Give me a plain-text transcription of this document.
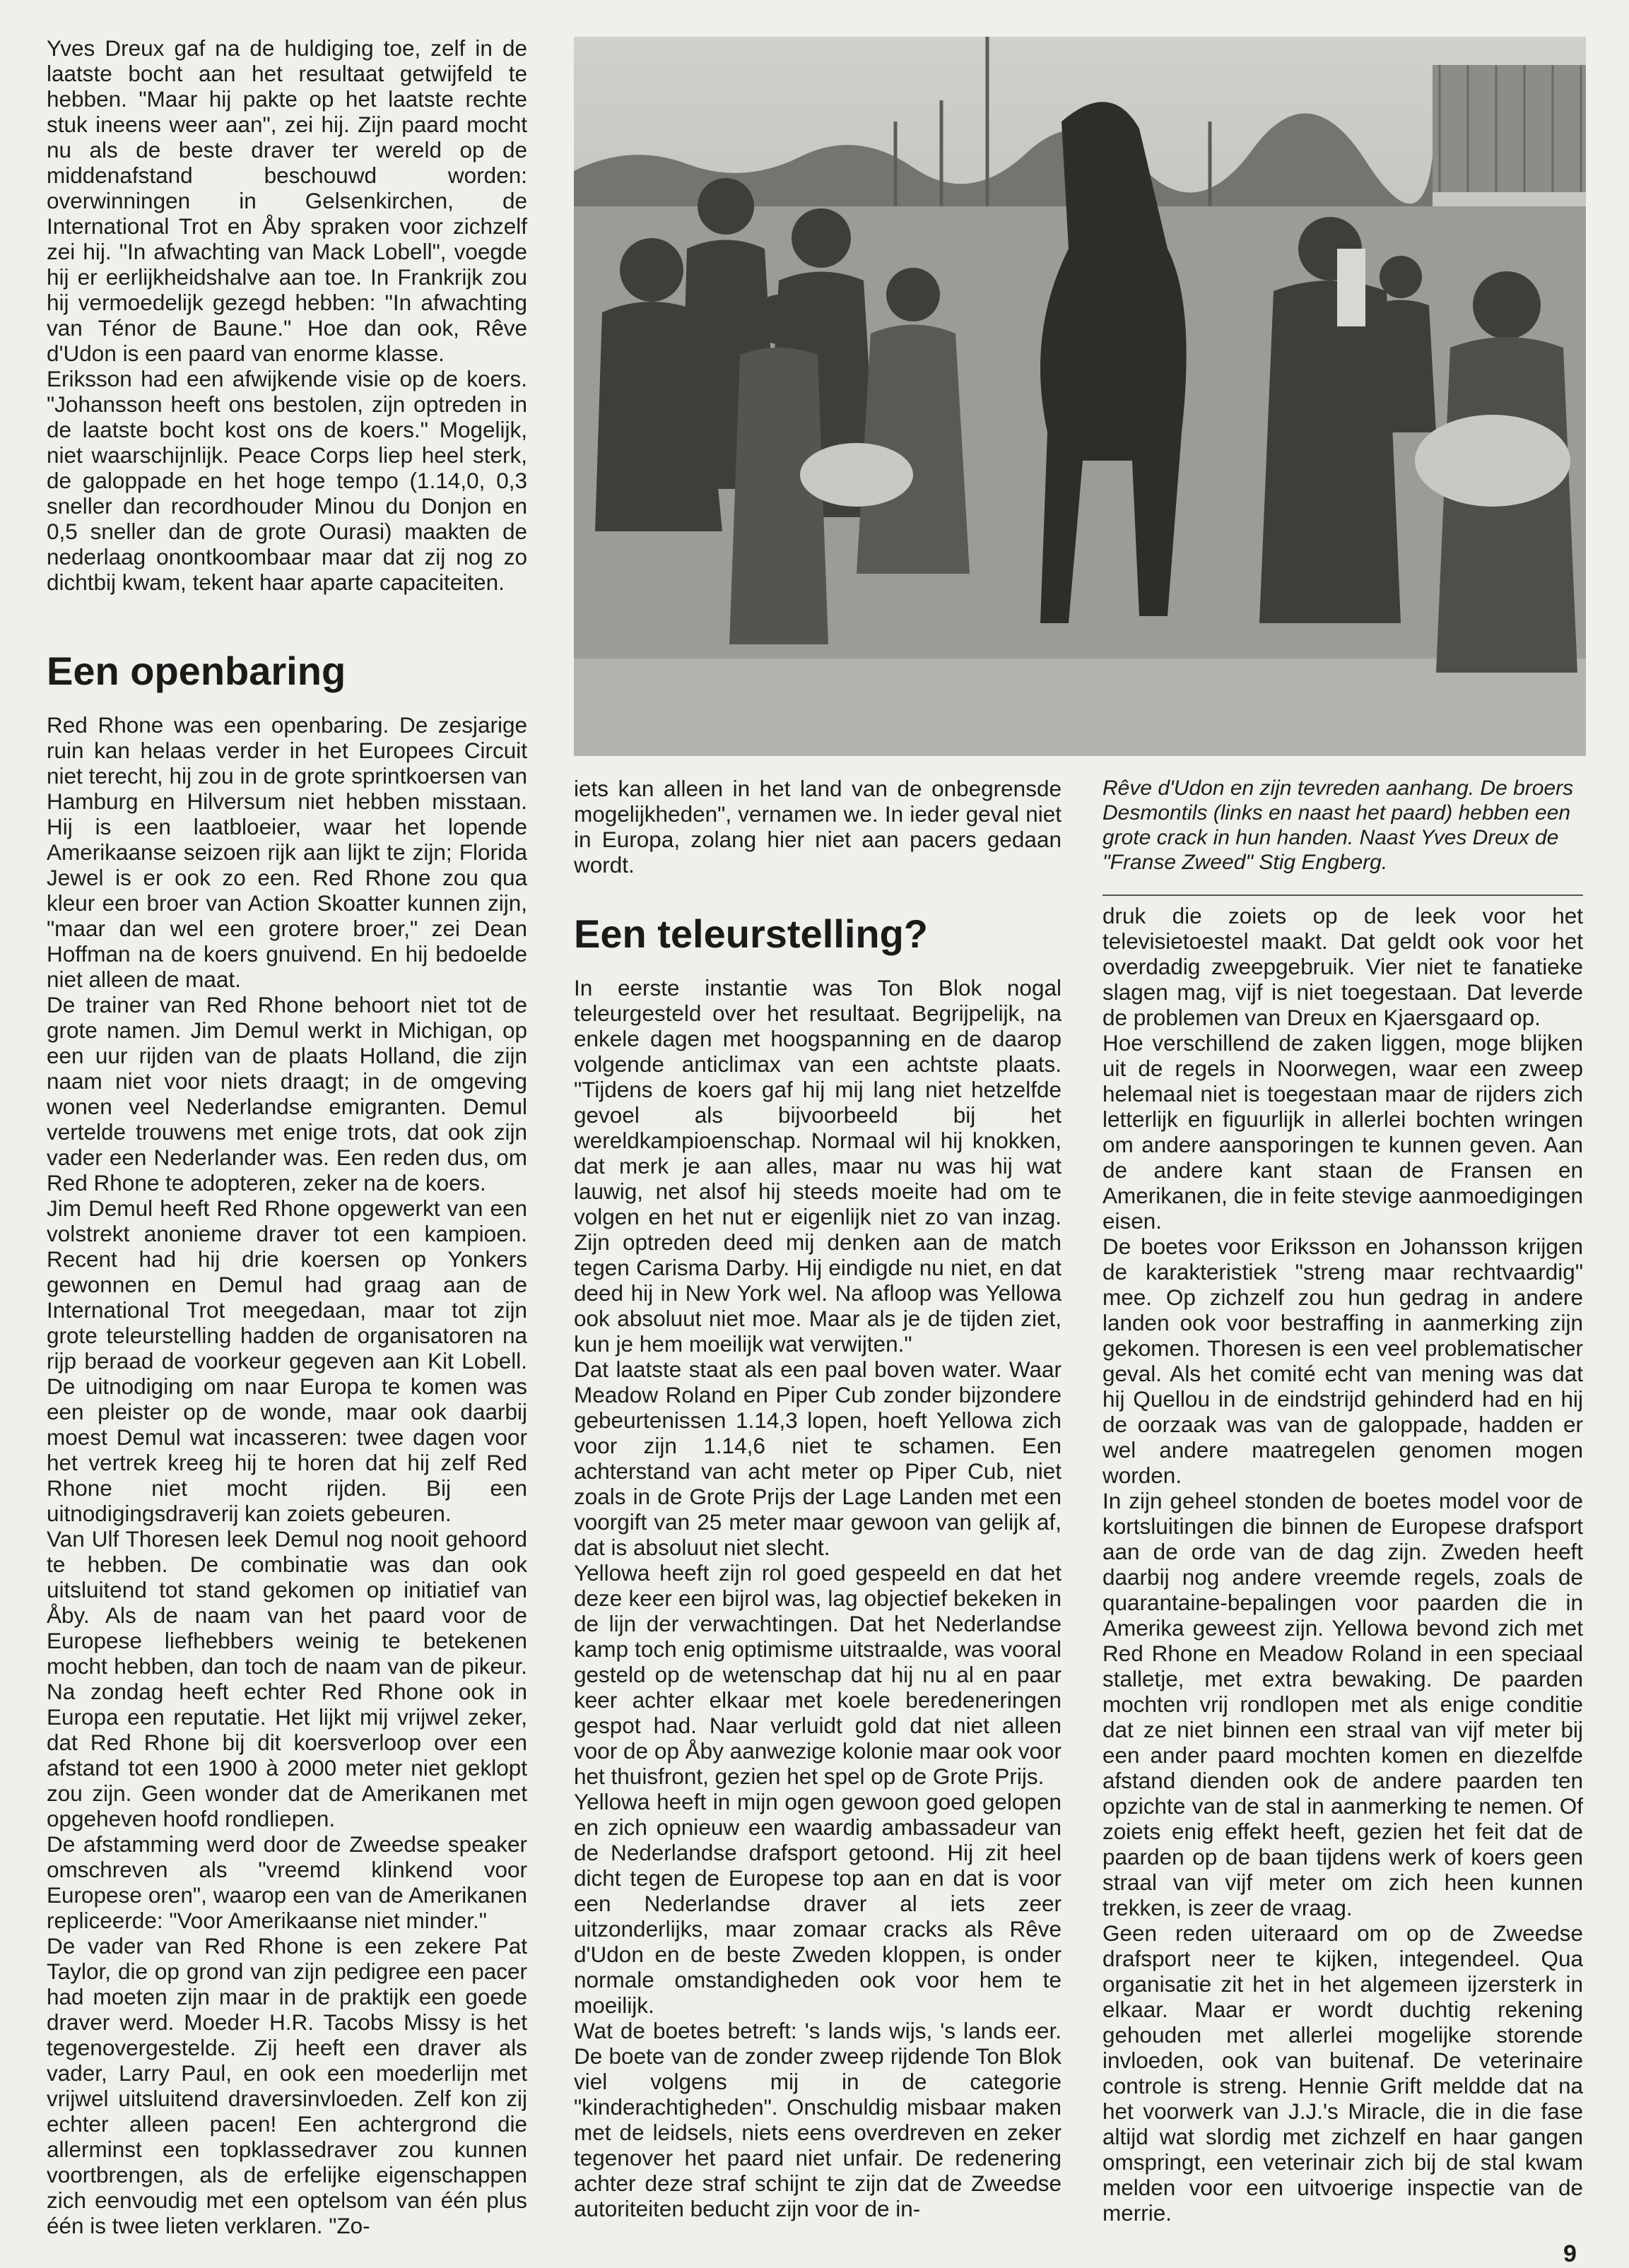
Yves Dreux gaf na de huldiging toe, zelf in de laatste bocht aan het resultaat getwijfeld te hebben. "Maar hij pakte op het laatste rechte stuk ineens weer aan", zei hij. Zijn paard mocht nu als de beste draver ter wereld op de middenafstand beschouwd worden: overwinningen in Gelsenkirchen, de International Trot en Åby spraken voor zichzelf zei hij. "In afwachting van Mack Lobell", voegde hij er eerlijkheidshalve aan toe. In Frankrijk zou hij vermoedelijk gezegd hebben: "In afwachting van Ténor de Baune." Hoe dan ook, Rêve d'Udon is een paard van enorme klasse.

Eriksson had een afwijkende visie op de koers. "Johansson heeft ons bestolen, zijn optreden in de laatste bocht kost ons de koers." Mogelijk, niet waarschijnlijk. Peace Corps liep heel sterk, de galoppade en het hoge tempo (1.14,0, 0,3 sneller dan recordhouder Minou du Donjon en 0,5 sneller dan de grote Ourasi) maakten de nederlaag onontkoombaar maar dat zij nog zo dichtbij kwam, tekent haar aparte capaciteiten.

Een openbaring

Red Rhone was een openbaring. De zesjarige ruin kan helaas verder in het Europees Circuit niet terecht, hij zou in de grote sprintkoersen van Hamburg en Hilversum niet hebben misstaan. Hij is een laatbloeier, waar het lopende Amerikaanse seizoen rijk aan lijkt te zijn; Florida Jewel is er ook zo een. Red Rhone zou qua kleur een broer van Action Skoatter kunnen zijn, "maar dan wel een grotere broer," zei Dean Hoffman na de koers gnuivend. En hij bedoelde niet alleen de maat.

De trainer van Red Rhone behoort niet tot de grote namen. Jim Demul werkt in Michigan, op een uur rijden van de plaats Holland, die zijn naam niet voor niets draagt; in de omgeving wonen veel Nederlandse emigranten. Demul vertelde trouwens met enige trots, dat ook zijn vader een Nederlander was. Een reden dus, om Red Rhone te adopteren, zeker na de koers.

Jim Demul heeft Red Rhone opgewerkt van een volstrekt anonieme draver tot een kampioen. Recent had hij drie koersen op Yonkers gewonnen en Demul had graag aan de International Trot meegedaan, maar tot zijn grote teleurstelling hadden de organisatoren na rijp beraad de voorkeur gegeven aan Kit Lobell. De uitnodiging om naar Europa te komen was een pleister op de wonde, maar ook daarbij moest Demul wat incasseren: twee dagen voor het vertrek kreeg hij te horen dat hij zelf Red Rhone niet mocht rijden. Bij een uitnodigingsdraverij kan zoiets gebeuren.

Van Ulf Thoresen leek Demul nog nooit gehoord te hebben. De combinatie was dan ook uitsluitend tot stand gekomen op initiatief van Åby. Als de naam van het paard voor de Europese liefhebbers weinig te betekenen mocht hebben, dan toch de naam van de pikeur. Na zondag heeft echter Red Rhone ook in Europa een reputatie. Het lijkt mij vrijwel zeker, dat Red Rhone bij dit koersverloop over een afstand tot een 1900 à 2000 meter niet geklopt zou zijn. Geen wonder dat de Amerikanen met opgeheven hoofd rondliepen.

De afstamming werd door de Zweedse speaker omschreven als "vreemd klinkend voor Europese oren", waarop een van de Amerikanen repliceerde: "Voor Amerikaanse niet minder."

De vader van Red Rhone is een zekere Pat Taylor, die op grond van zijn pedigree een pacer had moeten zijn maar in de praktijk een goede draver werd. Moeder H.R. Tacobs Missy is het tegenovergestelde. Zij heeft een draver als vader, Larry Paul, en ook een moederlijn met vrijwel uitsluitend draversinvloeden. Zelf kon zij echter alleen pacen! Een achtergrond die allerminst een topklassedraver zou kunnen voortbrengen, als de erfelijke eigenschappen zich eenvoudig met een optelsom van één plus één is twee lieten verklaren. "Zo-

iets kan alleen in het land van de onbegrensde mogelijkheden", vernamen we. In ieder geval niet in Europa, zolang hier niet aan pacers gedaan wordt.

Een teleurstelling?

In eerste instantie was Ton Blok nogal teleurgesteld over het resultaat. Begrijpelijk, na enkele dagen met hoogspanning en de daarop volgende anticlimax van een achtste plaats. "Tijdens de koers gaf hij mij lang niet hetzelfde gevoel als bijvoorbeeld bij het wereldkampioenschap. Normaal wil hij knokken, dat merk je aan alles, maar nu was hij wat lauwig, net alsof hij steeds moeite had om te volgen en het nut er eigenlijk niet zo van inzag. Zijn optreden deed mij denken aan de match tegen Carisma Darby. Hij eindigde nu niet, en dat deed hij in New York wel. Na afloop was Yellowa ook absoluut niet moe. Maar als je de tijden ziet, kun je hem moeilijk wat verwijten."

Dat laatste staat als een paal boven water. Waar Meadow Roland en Piper Cub zonder bijzondere gebeurtenissen 1.14,3 lopen, hoeft Yellowa zich voor zijn 1.14,6 niet te schamen. Een achterstand van acht meter op Piper Cub, niet zoals in de Grote Prijs der Lage Landen met een voorgift van 25 meter maar gewoon van gelijk af, dat is absoluut niet slecht.

Yellowa heeft zijn rol goed gespeeld en dat het deze keer een bijrol was, lag objectief bekeken in de lijn der verwachtingen. Dat het Nederlandse kamp toch enig optimisme uitstraalde, was vooral gesteld op de wetenschap dat hij nu al en paar keer achter elkaar met koele beredeneringen gespot had. Naar verluidt gold dat niet alleen voor de op Åby aanwezige kolonie maar ook voor het thuisfront, gezien het spel op de Grote Prijs.

Yellowa heeft in mijn ogen gewoon goed gelopen en zich opnieuw een waardig ambassadeur van de Nederlandse drafsport getoond. Hij zit heel dicht tegen de Europese top aan en dat is voor een Nederlandse draver al iets zeer uitzonderlijks, maar zomaar cracks als Rêve d'Udon en de beste Zweden kloppen, is onder normale omstandigheden ook voor hem te moeilijk.

Wat de boetes betreft: 's lands wijs, 's lands eer. De boete van de zonder zweep rijdende Ton Blok viel volgens mij in de categorie "kinderachtigheden". Onschuldig misbaar maken met de leidsels, niets eens overdreven en zeker tegenover het paard niet unfair. De redenering achter deze straf schijnt te zijn dat de Zweedse autoriteiten beducht zijn voor de in-

Rêve d'Udon en zijn tevreden aanhang. De broers Desmontils (links en naast het paard) hebben een grote crack in hun handen. Naast Yves Dreux de "Franse Zweed" Stig Engberg.

druk die zoiets op de leek voor het televisietoestel maakt. Dat geldt ook voor het overdadig zweepgebruik. Vier niet te fanatieke slagen mag, vijf is niet toegestaan. Dat leverde de problemen van Dreux en Kjaersgaard op.

Hoe verschillend de zaken liggen, moge blijken uit de regels in Noorwegen, waar een zweep helemaal niet is toegestaan maar de rijders zich letterlijk en figuurlijk in allerlei bochten wringen om andere aansporingen te kunnen geven. Aan de andere kant staan de Fransen en Amerikanen, die in feite stevige aanmoedigingen eisen.

De boetes voor Eriksson en Johansson krijgen de karakteristiek "streng maar rechtvaardig" mee. Op zichzelf zou hun gedrag in andere landen ook voor bestraffing in aanmerking zijn gekomen. Thoresen is een veel problematischer geval. Als het comité echt van mening was dat hij Quellou in de eindstrijd gehinderd had en hij de oorzaak was van de galoppade, hadden er wel andere maatregelen genomen mogen worden.

In zijn geheel stonden de boetes model voor de kortsluitingen die binnen de Europese drafsport aan de orde van de dag zijn. Zweden heeft daarbij nog andere vreemde regels, zoals de quarantaine-bepalingen voor paarden die in Amerika geweest zijn. Yellowa bevond zich met Red Rhone en Meadow Roland in een speciaal stalletje, met extra bewaking. De paarden mochten vrij rondlopen met als enige conditie dat ze niet binnen een straal van vijf meter bij een ander paard mochten komen en diezelfde afstand dienden ook de andere paarden ten opzichte van de stal in aanmerking te nemen. Of zoiets enig effekt heeft, gezien het feit dat de paarden op de baan tijdens werk of koers geen straal van vijf meter om zich heen kunnen trekken, is zeer de vraag.

Geen reden uiteraard om op de Zweedse drafsport neer te kijken, integendeel. Qua organisatie zit het in het algemeen ijzersterk in elkaar. Maar er wordt duchtig rekening gehouden met allerlei mogelijke storende invloeden, ook van buitenaf. De veterinaire controle is streng. Hennie Grift meldde dat na het voorwerk van J.J.'s Miracle, die in die fase altijd wat slordig met zichzelf en haar gangen omspringt, een veterinair zich bij de stal kwam melden voor een uitvoerige inspectie van de merrie.

9
